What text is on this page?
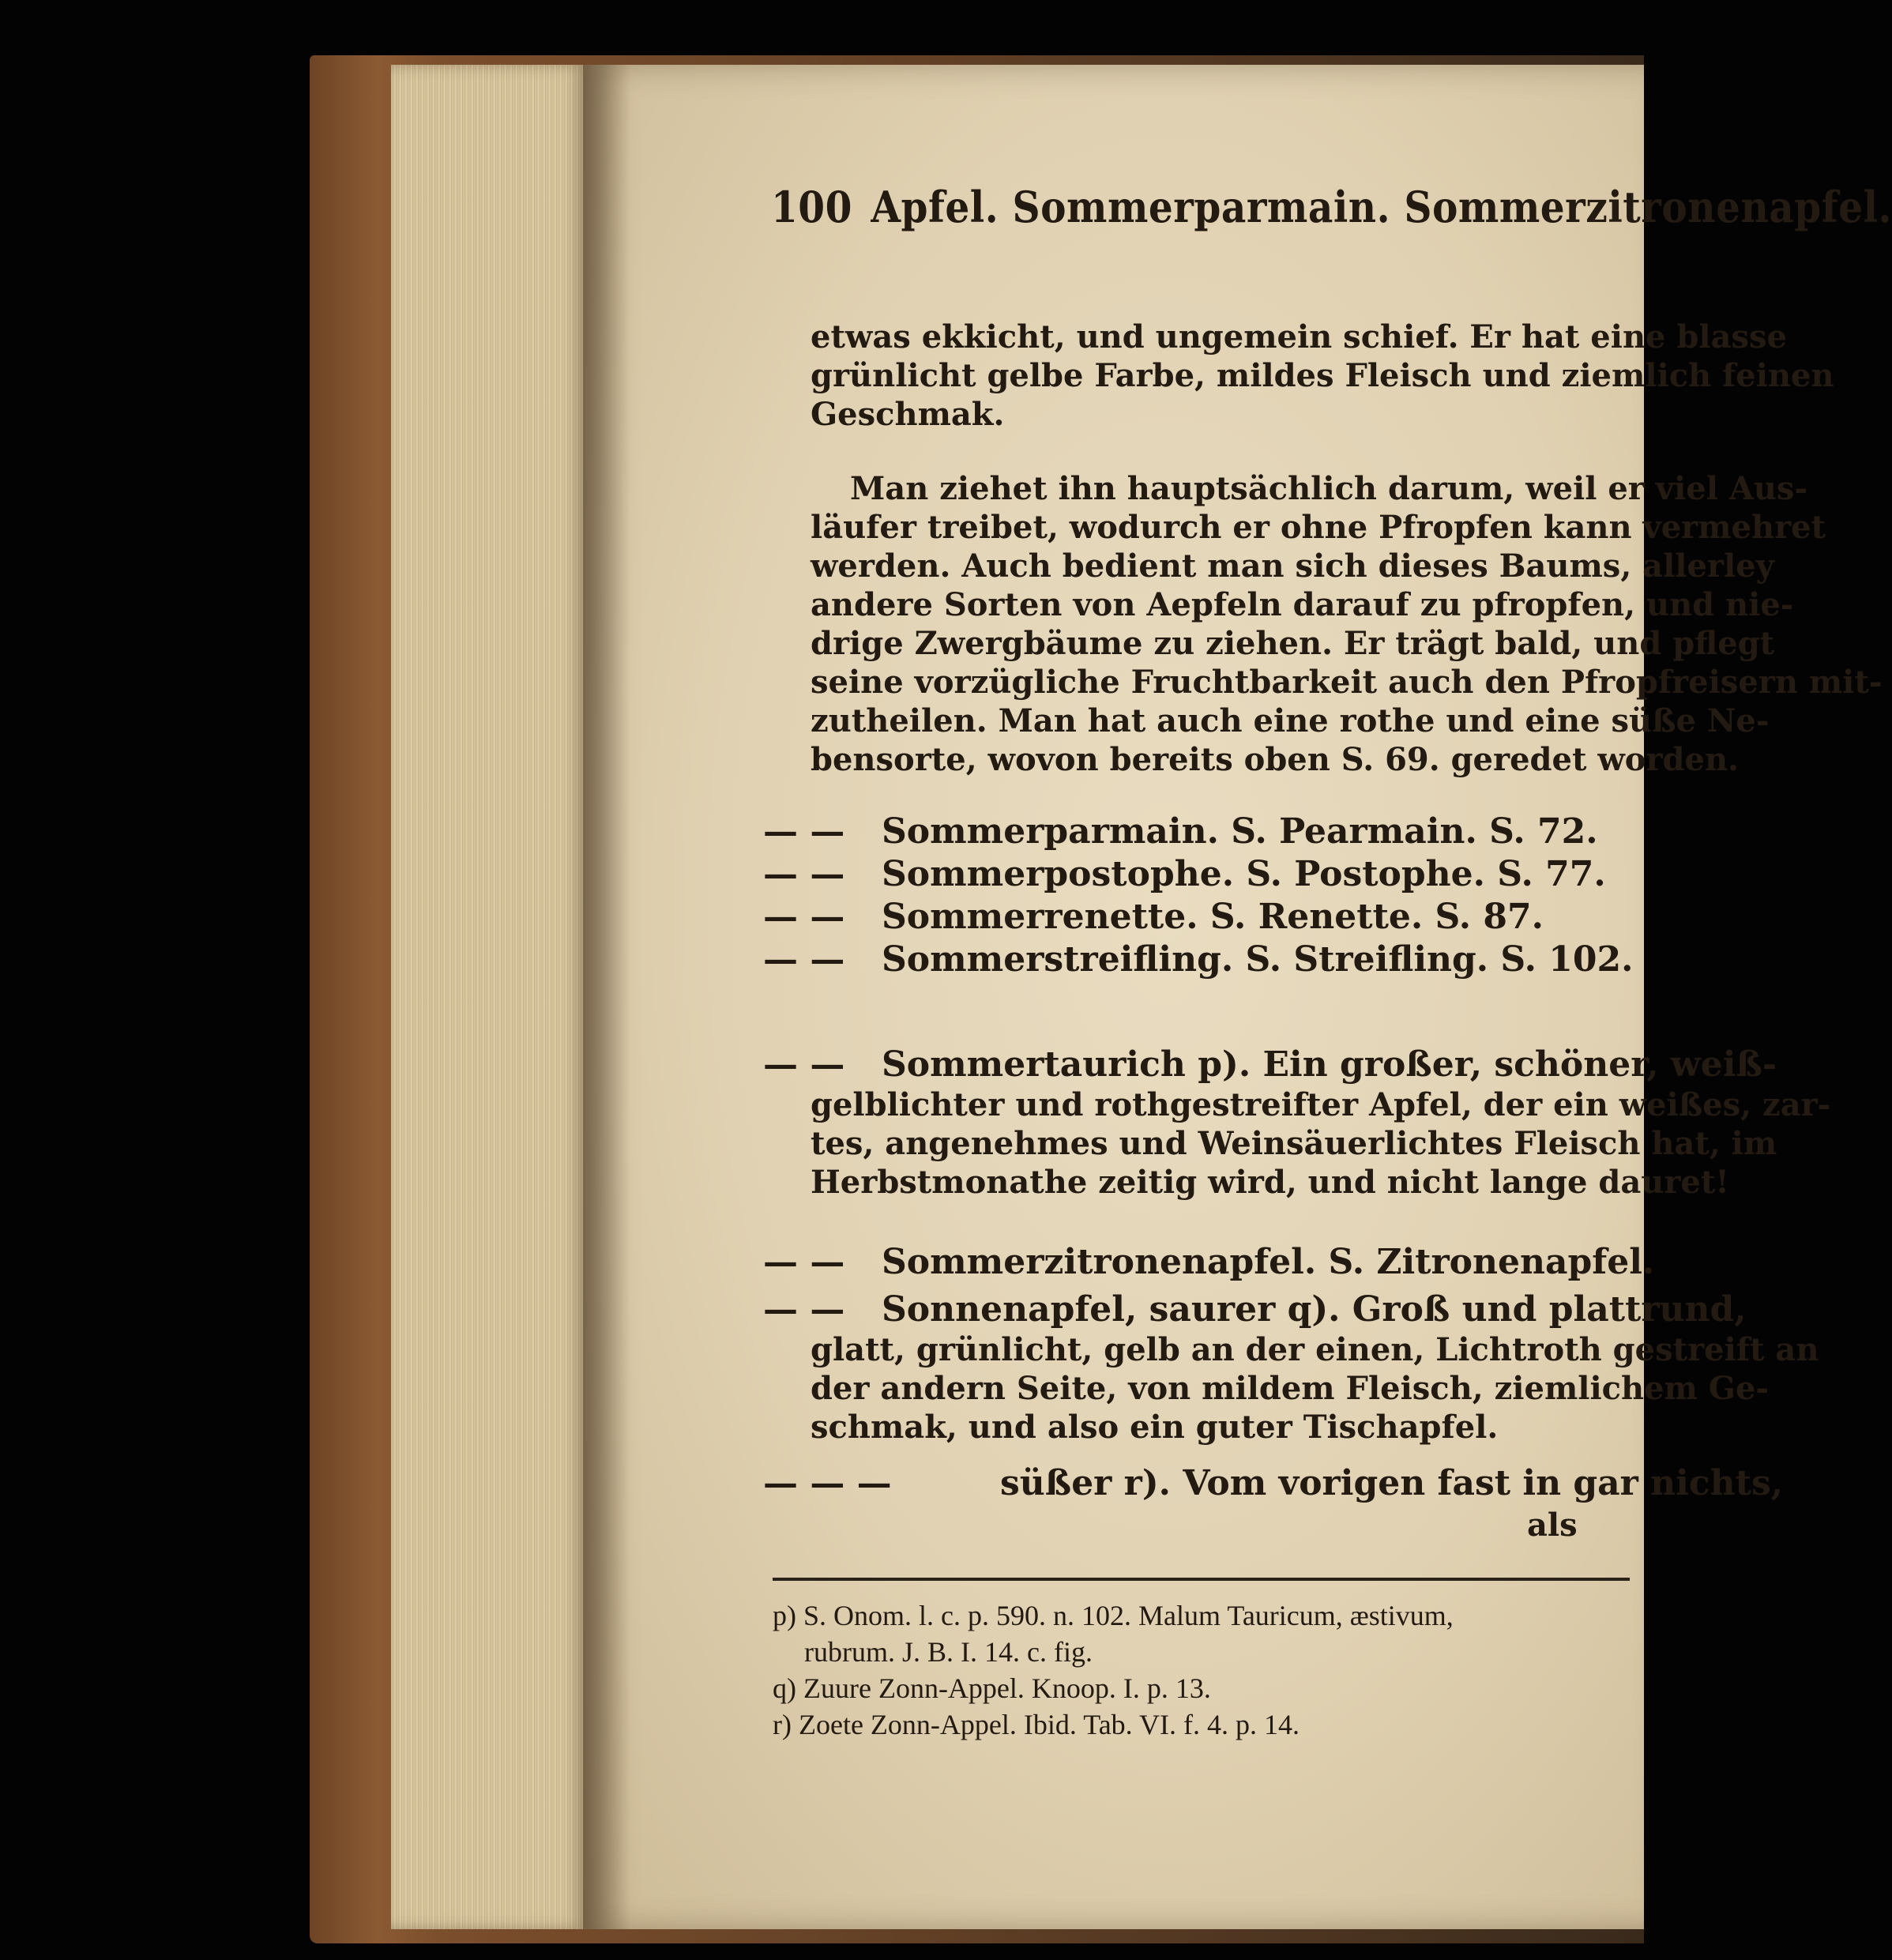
100 Apfel. Sommerparmain. Sommerzitronenapfel.
etwas ekkicht, und ungemein schief. Er hat eine blasse
grünlicht gelbe Farbe, mildes Fleisch und ziemlich feinen
Geschmak.
Man ziehet ihn hauptsächlich darum, weil er viel Aus-
läufer treibet, wodurch er ohne Pfropfen kann vermehret
werden. Auch bedient man sich dieses Baums, allerley
andere Sorten von Aepfeln darauf zu pfropfen, und nie-
drige Zwergbäume zu ziehen. Er trägt bald, und pflegt
seine vorzügliche Fruchtbarkeit auch den Pfropfreisern mit-
zutheilen. Man hat auch eine rothe und eine süße Ne-
bensorte, wovon bereits oben S. 69. geredet worden.
— — Sommerparmain. S. Pearmain. S. 72.
— — Sommerpostophe. S. Postophe. S. 77.
— — Sommerrenette. S. Renette. S. 87.
— — Sommerstreifling. S. Streifling. S. 102.
— — Sommertaurich p). Ein großer, schöner, weiß-
gelblichter und rothgestreifter Apfel, der ein weißes, zar-
tes, angenehmes und Weinsäuerlichtes Fleisch hat, im
Herbstmonathe zeitig wird, und nicht lange dauret!
— — Sommerzitronenapfel. S. Zitronenapfel.
— — Sonnenapfel, saurer q). Groß und plattrund,
glatt, grünlicht, gelb an der einen, Lichtroth gestreift an
der andern Seite, von mildem Fleisch, ziemlichem Ge-
schmak, und also ein guter Tischapfel.
— — —	süßer r). Vom vorigen fast in gar nichts,
als
p) S. Onom. l. c. p. 590. n. 102. Malum Tauricum, æstivum,
rubrum. J. B. I. 14. c. fig.
q) Zuure Zonn-Appel. Knoop. I. p. 13.
r) Zoete Zonn-Appel. Ibid. Tab. VI. f. 4. p. 14.
